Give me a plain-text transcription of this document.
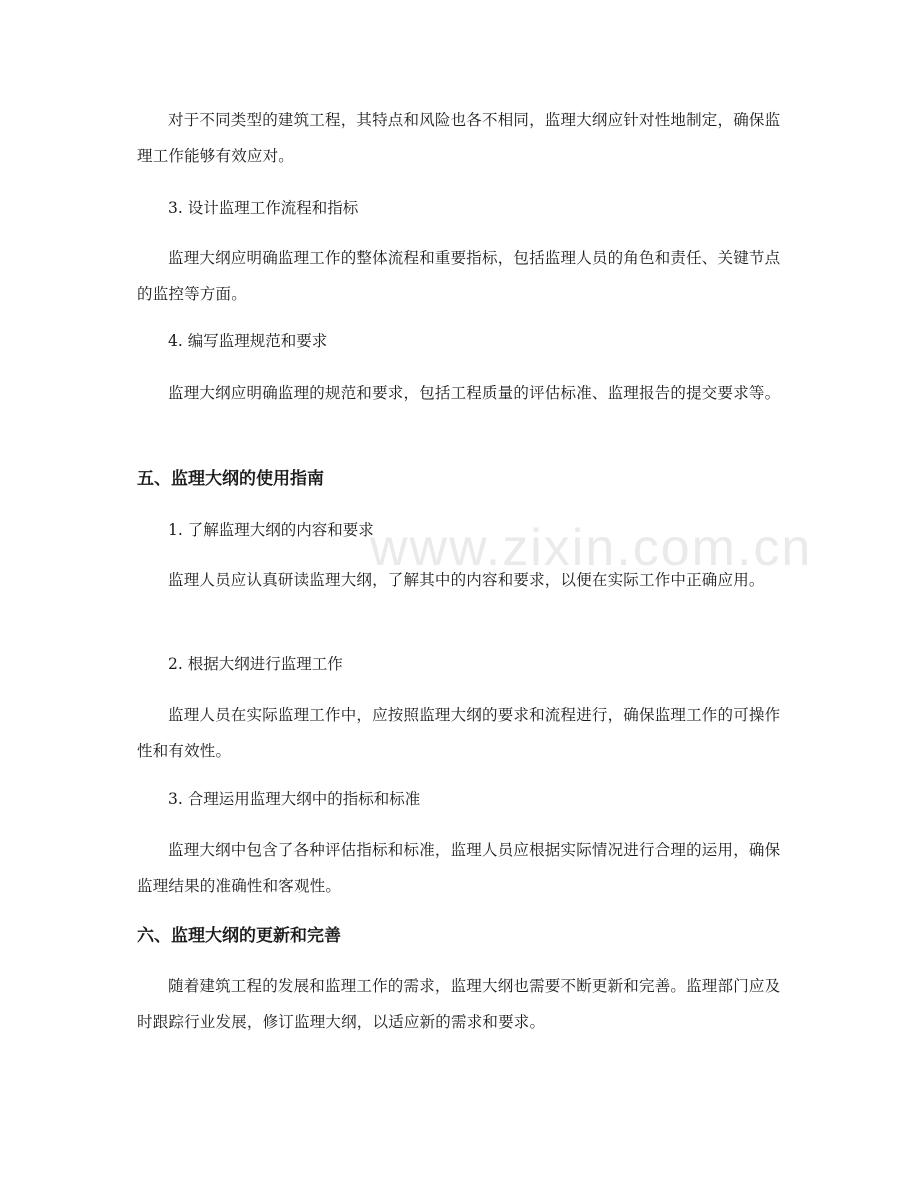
对于不同类型的建筑工程，其特点和风险也各不相同，监理大纲应针对性地制定，确保监理工作能够有效应对。

3. 设计监理工作流程和指标

监理大纲应明确监理工作的整体流程和重要指标，包括监理人员的角色和责任、关键节点的监控等方面。

4. 编写监理规范和要求

监理大纲应明确监理的规范和要求，包括工程质量的评估标准、监理报告的提交要求等。

五、监理大纲的使用指南

1. 了解监理大纲的内容和要求

监理人员应认真研读监理大纲，了解其中的内容和要求，以便在实际工作中正确应用。

2. 根据大纲进行监理工作

监理人员在实际监理工作中，应按照监理大纲的要求和流程进行，确保监理工作的可操作性和有效性。

3. 合理运用监理大纲中的指标和标准

监理大纲中包含了各种评估指标和标准，监理人员应根据实际情况进行合理的运用，确保监理结果的准确性和客观性。

六、监理大纲的更新和完善

随着建筑工程的发展和监理工作的需求，监理大纲也需要不断更新和完善。监理部门应及时跟踪行业发展，修订监理大纲，以适应新的需求和要求。

www.zixin.com.cn
